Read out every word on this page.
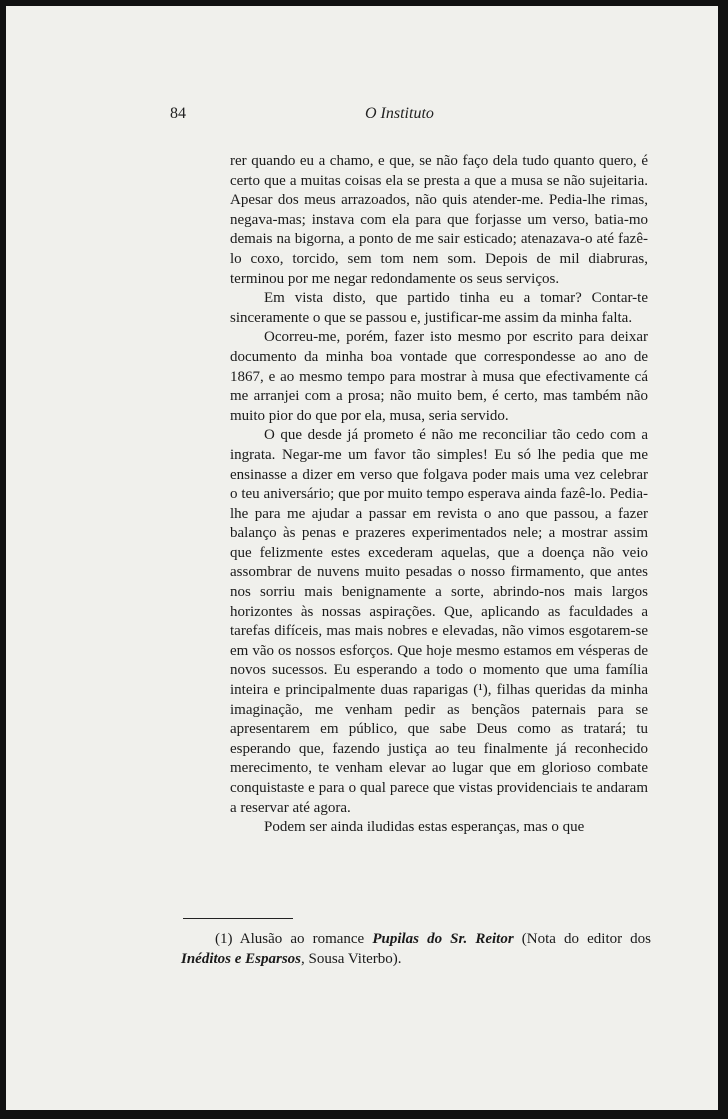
84	O Instituto

rer quando eu a chamo, e que, se não faço dela tudo quanto quero, é certo que a muitas coisas ela se presta a que a musa se não sujeitaria. Apesar dos meus arrazoados, não quis atender-me. Pedia-lhe rimas, negava-mas; instava com ela para que forjasse um verso, batia-mo demais na bigorna, a ponto de me sair esticado; atenazava-o até fazê-lo coxo, torcido, sem tom nem som. Depois de mil diabruras, terminou por me negar redondamente os seus serviços.

Em vista disto, que partido tinha eu a tomar? Contar-te sinceramente o que se passou e, justificar-me assim da minha falta.

Ocorreu-me, porém, fazer isto mesmo por escrito para deixar documento da minha boa vontade que correspondesse ao ano de 1867, e ao mesmo tempo para mostrar à musa que efectivamente cá me arranjei com a prosa; não muito bem, é certo, mas também não muito pior do que por ela, musa, seria servido.

O que desde já prometo é não me reconciliar tão cedo com a ingrata. Negar-me um favor tão simples! Eu só lhe pedia que me ensinasse a dizer em verso que folgava poder mais uma vez celebrar o teu aniversário; que por muito tempo esperava ainda fazê-lo. Pedia-lhe para me ajudar a passar em revista o ano que passou, a fazer balanço às penas e prazeres experimentados nele; a mostrar assim que felizmente estes excederam aquelas, que a doença não veio assombrar de nuvens muito pesadas o nosso firmamento, que antes nos sorriu mais benignamente a sorte, abrindo-nos mais largos horizontes às nossas aspirações. Que, aplicando as faculdades a tarefas difíceis, mas mais nobres e elevadas, não vimos esgotarem-se em vão os nossos esforços. Que hoje mesmo estamos em vésperas de novos sucessos. Eu esperando a todo o momento que uma família inteira e principalmente duas raparigas (¹), filhas queridas da minha imaginação, me venham pedir as bençãos paternais para se apresentarem em público, que sabe Deus como as tratará; tu esperando que, fazendo justiça ao teu finalmente já reconhecido merecimento, te venham elevar ao lugar que em glorioso combate conquistaste e para o qual parece que vistas providenciais te andaram a reservar até agora.

Podem ser ainda iludidas estas esperanças, mas o que

(1) Alusão ao romance Pupilas do Sr. Reitor (Nota do editor dos Inéditos e Esparsos, Sousa Viterbo).
